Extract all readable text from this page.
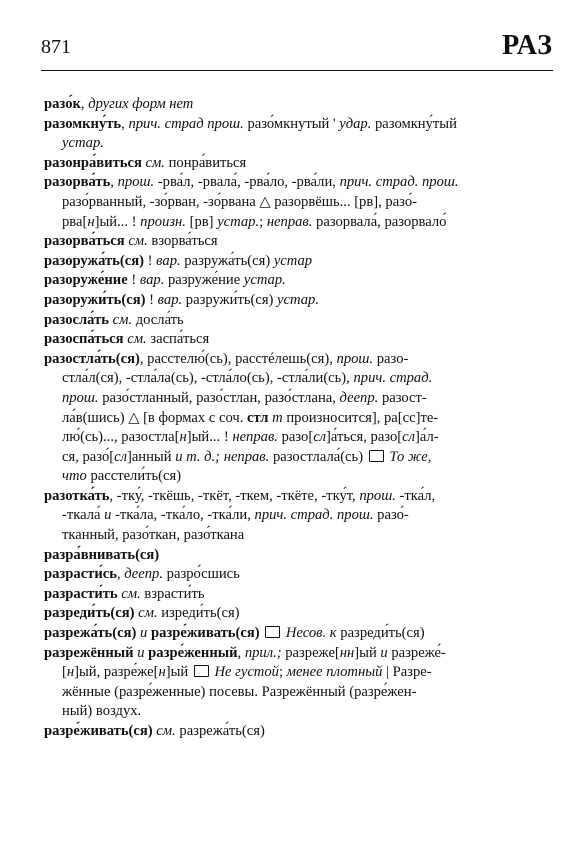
871	РАЗ
разо́к, других форм нет
разомкну́ть, прич. страд прош. разо́мкнутый ' удар. разомкну́тый
устар.
разонра́виться см. понра́виться
разорва́ть, прош. -рва́л, -рвала́, -рва́ло, -рва́ли, прич. страд. прош.
разо́рванный, -зо́рван, -зо́рвана △ разорвёшь... [рв], разо́-
рва[н]ый... ! произн. [рв] устар.; неправ. разорвала́, разорвало́
разорва́ться см. взорва́ться
разоружа́ть(ся) ! вар. разружа́ть(ся) устар
разоруже́ние ! вар. разруже́ние устар.
разоружи́ть(ся) ! вар. разружи́ть(ся) устар.
разосла́ть см. досла́ть
разоспа́ться см. заспа́ться
разостла́ть(ся), расстелю́(сь), расстéлешь(ся), прош. разо-
стла́л(ся), -стла́ла(сь), -стла́ло(сь), -стла́ли(сь), прич. страд.
прош. разо́стланный, разо́стлан, разо́стлана, деепр. разост-
ла́в(шись) △ [в формах с соч. стл т произносится], ра[сс]те-
лю́(сь)..., разостла[н]ый... ! неправ. разо[сл]а́ться, разо[сл]а́л-
ся, разо́[сл]анный и т. д.; неправ. разостлала́(сь)  То же,
что расстели́ть(ся)
разотка́ть, -тку́, -ткёшь, -ткёт, -ткем, -ткёте, -тку́т, прош. -тка́л,
-ткала́ и -тка́ла, -тка́ло, -тка́ли, прич. страд. прош. разо́-
тканный, разо́ткан, разо́ткана
разра́внивать(ся)
разрасти́сь, деепр. разро́сшись
разрасти́ть см. взрасти́ть
разреди́ть(ся) см. изреди́ть(ся)
разрежа́ть(ся) и разре́живать(ся) Несов. к разреди́ть(ся)
разрежённый и разре́женный, прил.; разреже[нн]ый и разреже́-
[н]ый, разре́же[н]ый  Не густой; менее плотный | Разре-
жённые (разре́женные) посевы. Разрежённый (разре́жен-
ный) воздух.
разре́живать(ся) см. разрежа́ть(ся)
